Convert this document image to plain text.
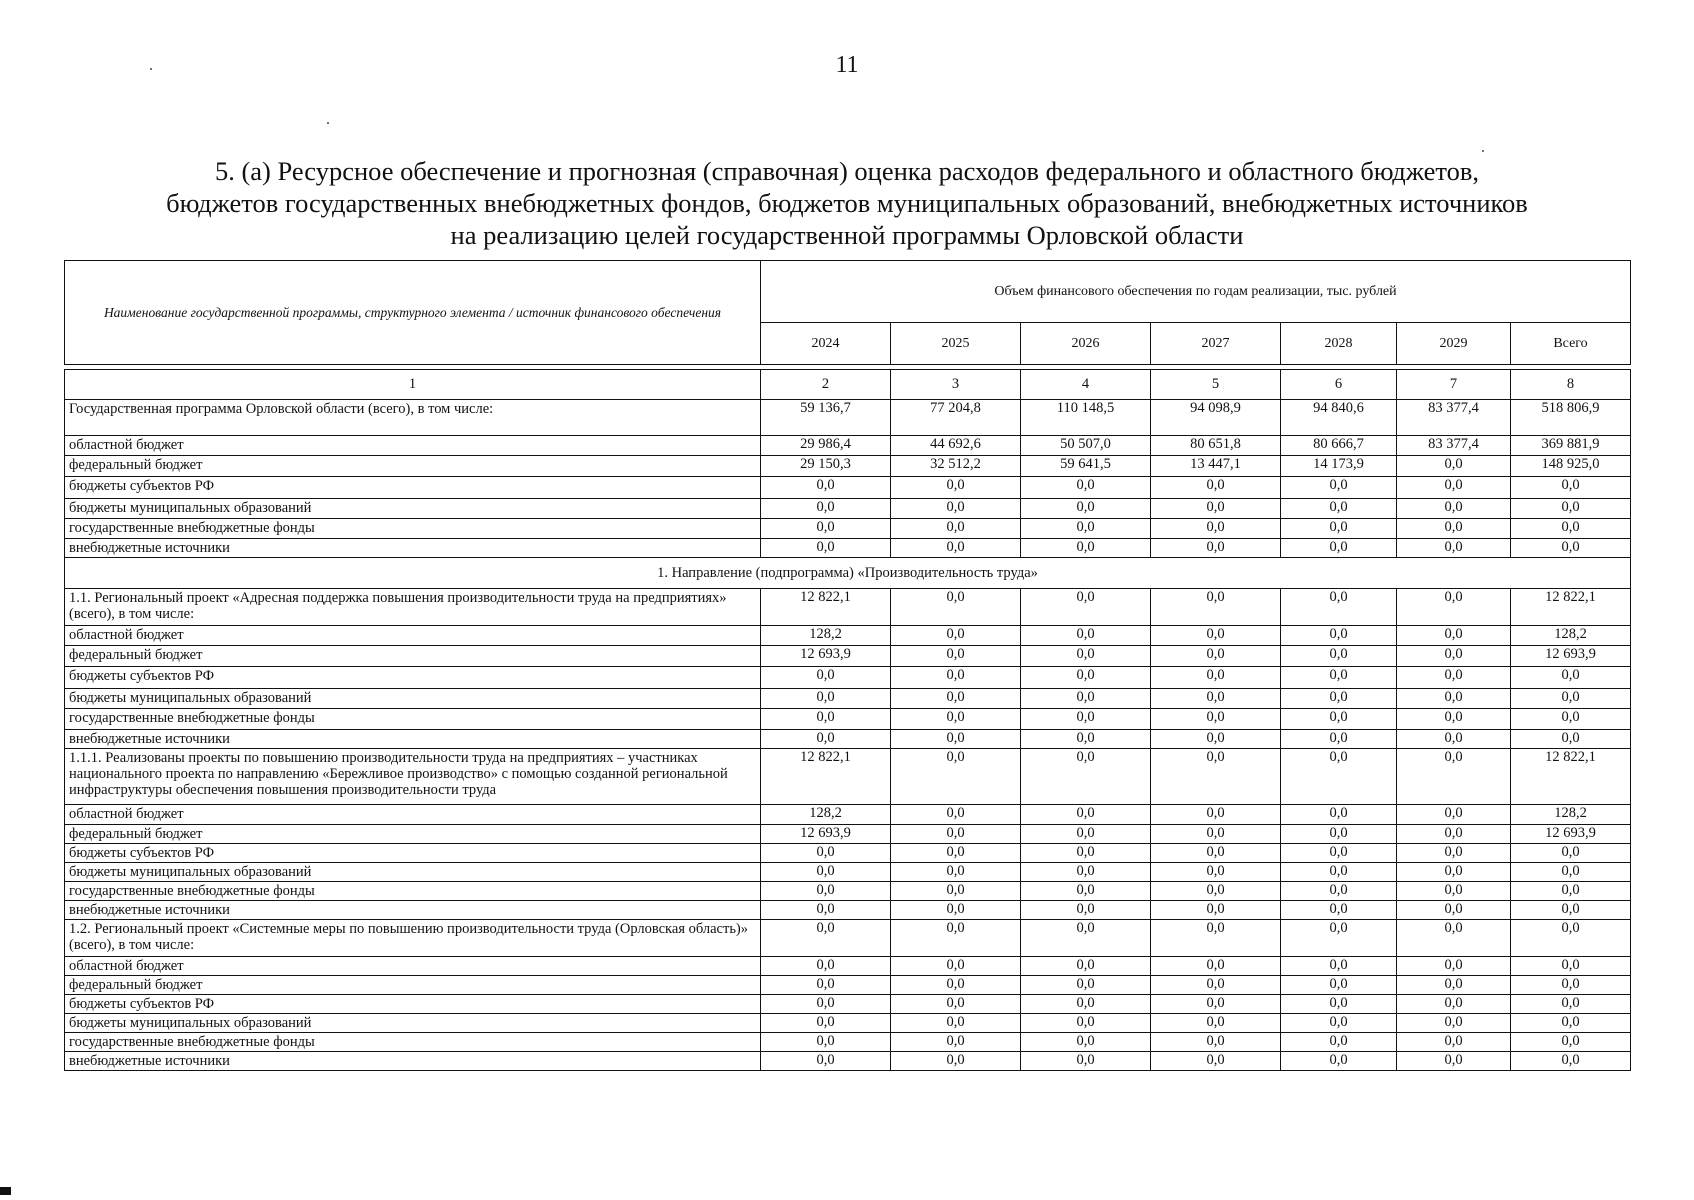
11
5. (а) Ресурсное обеспечение и прогнозная (справочная) оценка расходов федерального и областного бюджетов,
бюджетов государственных внебюджетных фондов, бюджетов муниципальных образований, внебюджетных источников
на реализацию целей государственной программы Орловской области
Наименование государственной программы, структурного элемента / источник финансового обеспечения	Объем финансового обеспечения по годам реализации, тыс. рублей						
	2024	2025	2026	2027	2028	2029	Всего
1	2	3	4	5	6	7	8
Государственная программа Орловской области (всего), в том числе:	59 136,7	77 204,8	110 148,5	94 098,9	94 840,6	83 377,4	518 806,9
областной бюджет	29 986,4	44 692,6	50 507,0	80 651,8	80 666,7	83 377,4	369 881,9
федеральный бюджет	29 150,3	32 512,2	59 641,5	13 447,1	14 173,9	0,0	148 925,0
бюджеты субъектов РФ	0,0	0,0	0,0	0,0	0,0	0,0	0,0
бюджеты муниципальных образований	0,0	0,0	0,0	0,0	0,0	0,0	0,0
государственные внебюджетные фонды	0,0	0,0	0,0	0,0	0,0	0,0	0,0
внебюджетные источники	0,0	0,0	0,0	0,0	0,0	0,0	0,0
1. Направление (подпрограмма) «Производительность труда»							
1.1. Региональный проект «Адресная поддержка повышения производительности труда на предприятиях» (всего), в том числе:	12 822,1	0,0	0,0	0,0	0,0	0,0	12 822,1
областной бюджет	128,2	0,0	0,0	0,0	0,0	0,0	128,2
федеральный бюджет	12 693,9	0,0	0,0	0,0	0,0	0,0	12 693,9
бюджеты субъектов РФ	0,0	0,0	0,0	0,0	0,0	0,0	0,0
бюджеты муниципальных образований	0,0	0,0	0,0	0,0	0,0	0,0	0,0
государственные внебюджетные фонды	0,0	0,0	0,0	0,0	0,0	0,0	0,0
внебюджетные источники	0,0	0,0	0,0	0,0	0,0	0,0	0,0
1.1.1. Реализованы проекты по повышению производительности труда на предприятиях – участниках национального проекта по направлению «Бережливое производство» с помощью созданной региональной инфраструктуры обеспечения повышения производительности труда	12 822,1	0,0	0,0	0,0	0,0	0,0	12 822,1
областной бюджет	128,2	0,0	0,0	0,0	0,0	0,0	128,2
федеральный бюджет	12 693,9	0,0	0,0	0,0	0,0	0,0	12 693,9
бюджеты субъектов РФ	0,0	0,0	0,0	0,0	0,0	0,0	0,0
бюджеты муниципальных образований	0,0	0,0	0,0	0,0	0,0	0,0	0,0
государственные внебюджетные фонды	0,0	0,0	0,0	0,0	0,0	0,0	0,0
внебюджетные источники	0,0	0,0	0,0	0,0	0,0	0,0	0,0
1.2. Региональный проект «Системные меры по повышению производительности труда (Орловская область)» (всего), в том числе:	0,0	0,0	0,0	0,0	0,0	0,0	0,0
областной бюджет	0,0	0,0	0,0	0,0	0,0	0,0	0,0
федеральный бюджет	0,0	0,0	0,0	0,0	0,0	0,0	0,0
бюджеты субъектов РФ	0,0	0,0	0,0	0,0	0,0	0,0	0,0
бюджеты муниципальных образований	0,0	0,0	0,0	0,0	0,0	0,0	0,0
государственные внебюджетные фонды	0,0	0,0	0,0	0,0	0,0	0,0	0,0
внебюджетные источники	0,0	0,0	0,0	0,0	0,0	0,0	0,0
